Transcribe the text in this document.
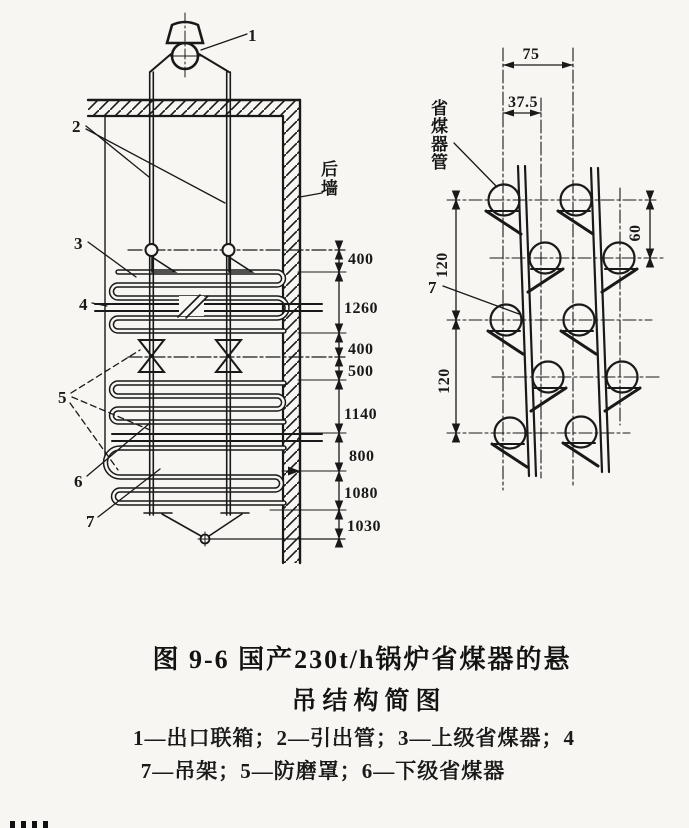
400
1260
400
500
1140
800
1080
1030
1
2
3
4
5
6
7
75
37.5
120
120
60
7
后墙
省煤器管
图 9-6 国产230t/h锅炉省煤器的悬
吊结构简图
1—出口联箱；2—引出管；3—上级省煤器；4
7—吊架；5—防磨罩；6—下级省煤器
